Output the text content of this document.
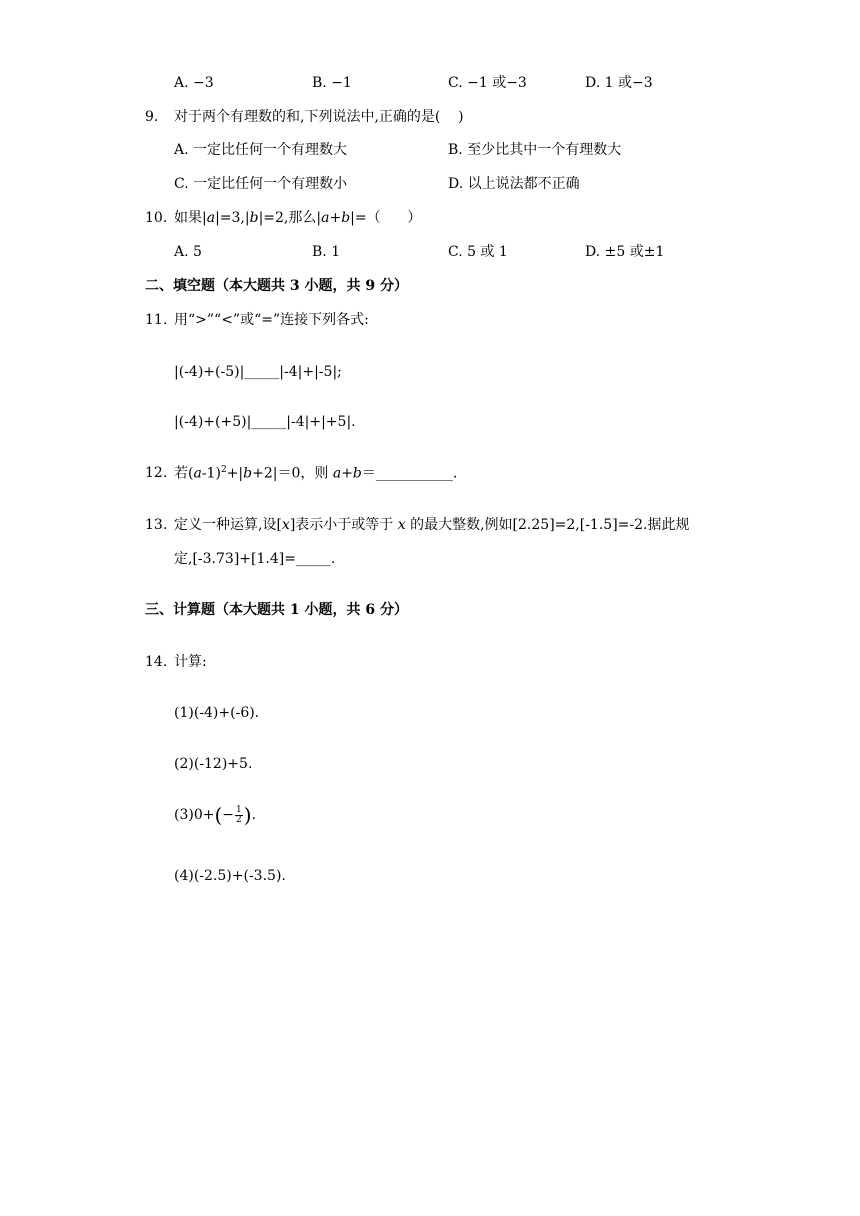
A. −3	B. −1	C. −1 或−3	D. 1 或−3
9. 对于两个有理数的和,下列说法中,正确的是(    )
A. 一定比任何一个有理数大	B. 至少比其中一个有理数大
C. 一定比任何一个有理数小	D. 以上说法都不正确
10. 如果|a|=3,|b|=2,那么|a+b|=（      ）
A. 5	B. 1	C. 5 或 1	D. ±5 或±1
二、填空题（本大题共 3 小题，共 9 分）
11. 用“>”“<”或“=”连接下列各式:
|(-4)+(-5)|_____|-4|+|-5|;
|(-4)+(+5)|_____|-4|+|+5|.
12. 若$(a-1)^2+|b+2|=0$，则 a+b＝___________.
13. 定义一种运算,设[x]表示小于或等于 x 的最大整数,例如[2.25]=2,[-1.5]=-2.据此规
定,[-3.73]+[1.4]=_____.
三、计算题（本大题共 1 小题，共 6 分）
14. 计算:
(1)(-4)+(-6).
(2)(-12)+5.
$(3)0+(- \frac{1}{2}$ ).
(4)(-2.5)+(-3.5).
